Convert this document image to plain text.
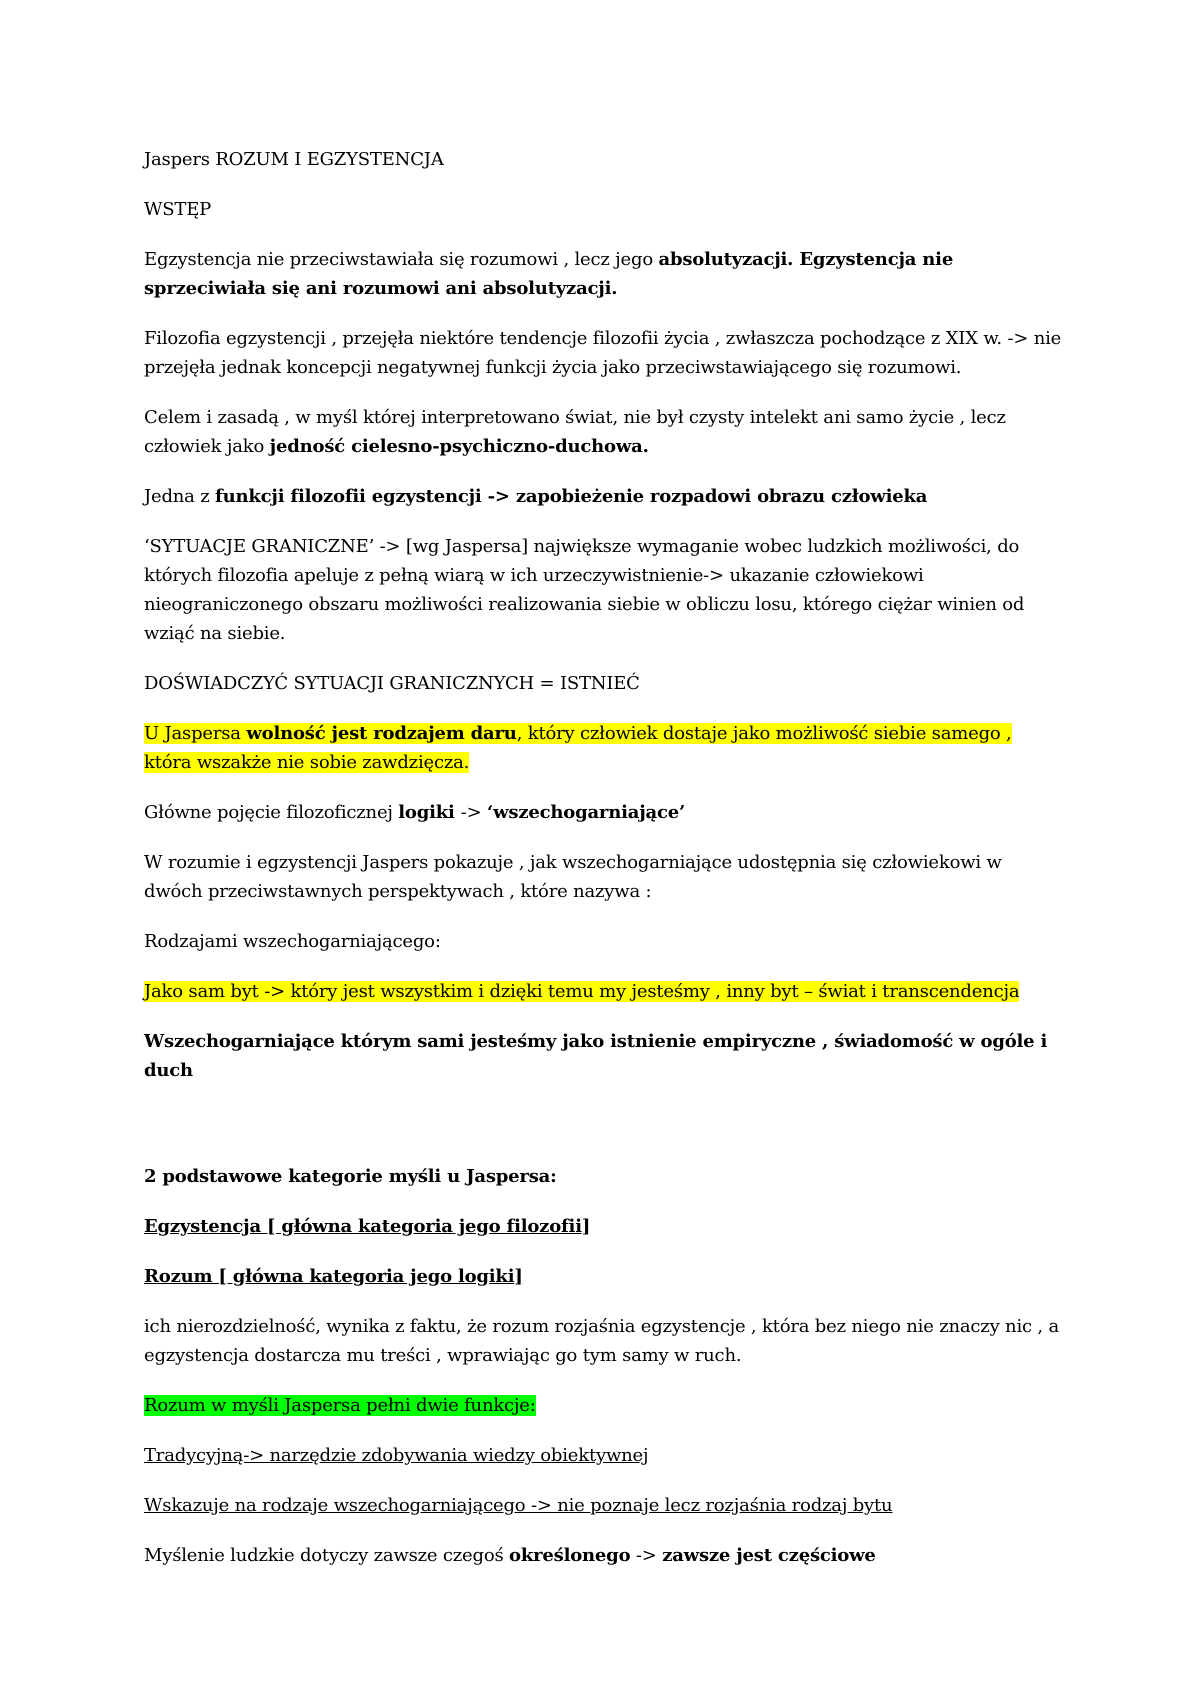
Jaspers ROZUM I EGZYSTENCJA

WSTĘP

Egzystencja nie przeciwstawiała się rozumowi , lecz jego absolutyzacji. Egzystencja nie sprzeciwiała się ani rozumowi ani absolutyzacji.

Filozofia egzystencji , przejęła niektóre tendencje filozofii życia , zwłaszcza pochodzące z XIX w. -> nie przejęła jednak koncepcji negatywnej funkcji życia jako przeciwstawiającego się rozumowi.

Celem i zasadą , w myśl której interpretowano świat, nie był czysty intelekt ani samo życie , lecz człowiek jako jedność cielesno-psychiczno-duchowa.

Jedna z funkcji filozofii egzystencji -> zapobieżenie rozpadowi obrazu człowieka

‘SYTUACJE GRANICZNE’ -> [wg Jaspersa] największe wymaganie wobec ludzkich możliwości, do których filozofia apeluje z pełną wiarą w ich urzeczywistnienie-> ukazanie człowiekowi nieograniczonego obszaru możliwości realizowania siebie w obliczu losu, którego ciężar winien od wziąć na siebie.

DOŚWIADCZYĆ SYTUACJI GRANICZNYCH = ISTNIEĆ

U Jaspersa wolność jest rodzajem daru, który człowiek dostaje jako możliwość siebie samego , która wszakże nie sobie zawdzięcza.

Główne pojęcie filozoficznej logiki -> ‘wszechogarniające’

W rozumie i egzystencji Jaspers pokazuje , jak wszechogarniające udostępnia się człowiekowi w dwóch przeciwstawnych perspektywach , które nazywa :

Rodzajami wszechogarniającego:

Jako sam byt -> który jest wszystkim i dzięki temu my jesteśmy , inny byt – świat i transcendencja

Wszechogarniające którym sami jesteśmy jako istnienie empiryczne , świadomość w ogóle i duch

2 podstawowe kategorie myśli u Jaspersa:

Egzystencja [ główna kategoria jego filozofii]

Rozum [ główna kategoria jego logiki]

ich nierozdzielność, wynika z faktu, że rozum rozjaśnia egzystencje , która bez niego nie znaczy nic , a egzystencja dostarcza mu treści , wprawiając go tym samy w ruch.

Rozum w myśli Jaspersa pełni dwie funkcje:

Tradycyjną-> narzędzie zdobywania wiedzy obiektywnej

Wskazuje na rodzaje wszechogarniającego -> nie poznaje lecz rozjaśnia rodzaj bytu

Myślenie ludzkie dotyczy zawsze czegoś określonego -> zawsze jest częściowe
